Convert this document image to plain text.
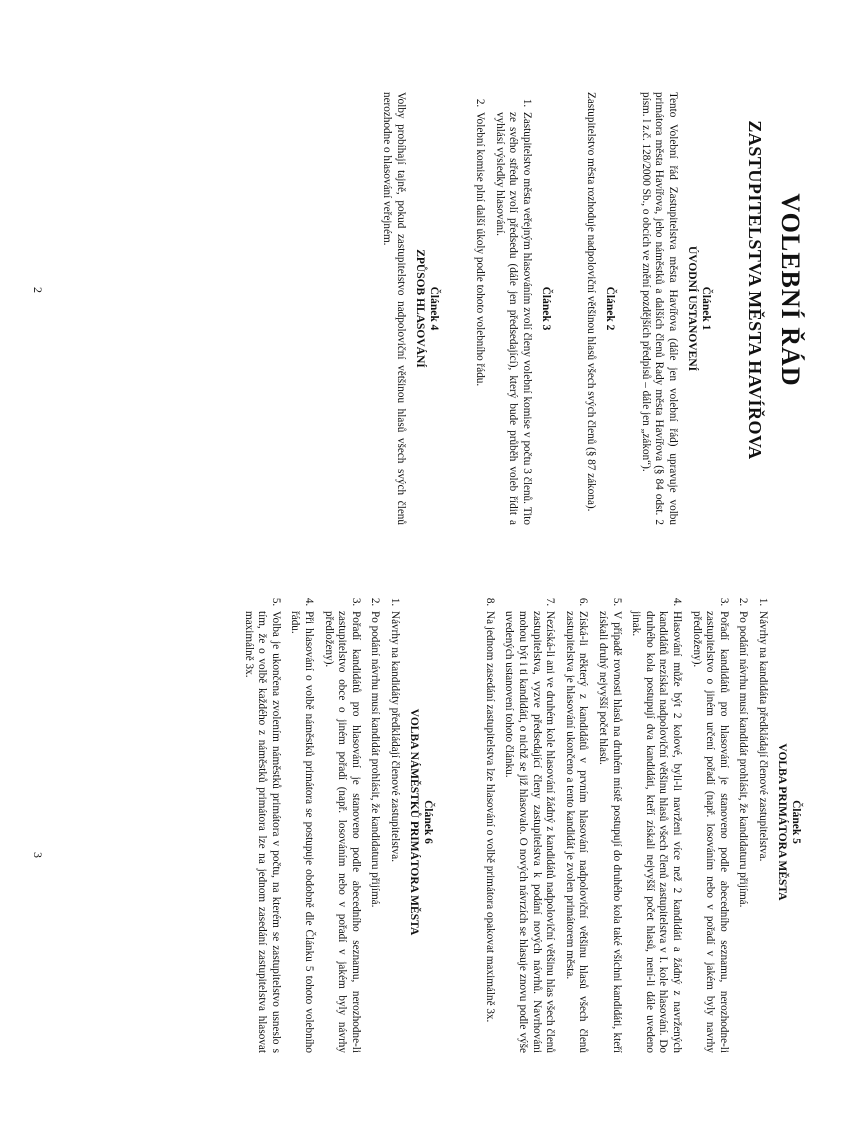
VOLEBNÍ ŘÁD
ZASTUPITELSTVA MĚSTA HAVÍŘOVA
Článek 1
ÚVODNÍ USTANOVENÍ

Tento Volební řád Zastupitelstva města Havířova (dále jen volební řád) upravuje volbu primátora města Havířova, jeho náměstků a dalších členů Rady města Havířova (§ 84 odst. 2 písm. l z.č. 128/2000 Sb., o obcích ve znění pozdějších předpisů – dále jen „zákon“).

Článek 2

Zastupitelstvo města rozhoduje nadpoloviční většinou hlasů všech svých členů (§ 87 zákona).

Článek 3
1. Zastupitelstvo města veřejným hlasováním zvolí členy volební komise v počtu 3 členů. Tito ze svého středu zvolí předsedu (dále jen předsedající), který bude průběh voleb řídit a vyhlásí výsledky hlasování.
2. Volební komise plní další úkoly podle tohoto volebního řádu.
Článek 4
ZPŮSOB HLASOVÁNÍ

Volby probíhají tajně, pokud zastupitelstvo nadpoloviční většinou hlasů všech svých členů nerozhodne o hlasování veřejném.

2
Článek 5
VOLBA PRIMÁTORA MĚSTA
1. Návrhy na kandidáta předkládají členové zastupitelstva.
2. Po podání návrhu musí kandidát prohlásit, že kandidaturu přijímá.
3. Pořadí kandidátů pro hlasování je stanoveno podle abecedního seznamu, nerozhodne-li zastupitelstvo o jiném určení pořadí (např. losováním nebo v pořadí v jakém byly navrhy předloženy).
4. Hlasování může být 2 kolové, byli-li navrženi více než 2 kandidáti a žádný z navržených kandidátů nezískal nadpoloviční většinu hlasů všech členů zastupitelstva v I. kole hlasování. Do druhého kola postupují dva kandidáti, kteří získali nejvyšší počet hlasů, není-li dále uvedeno jinak.
5. V případě rovnosti hlasů na druhém místě postupují do druhého kola také všichni kandidáti, kteří získali druhý nejvyšší počet hlasů.
6. Získá-li některý z kandidátů v prvním hlasování nadpoloviční většinu hlasů všech členů zastupitelstva je hlasování ukončeno a tento kandidát je zvolen primátorem města.
7. Nezíská-li ani ve druhém kole hlasování žádný z kandidátů nadpoloviční většinu hlas všech členů zastupitelstva, vyzve předsedající členy zastupitelstva k podání nových návrhů. Navrhováni mohou být i ti kandidáti, o nichž se již hlasovalo. O nových návrzích se hlasuje znovu podle výše uvedených ustanovení tohoto článku.
8. Na jednom zasedání zastupitelstva lze hlasování o volbě primátora opakovat maximálně 3x.
Článek 6
VOLBA NÁMĚSTKŮ PRIMÁTORA MĚSTA
1. Návrhy na kandidáty předkládají členové zastupitelstva.
2. Po podání návrhu musí kandidát prohlásit, že kandidaturu přijímá.
3. Pořadí kandidátů pro hlasování je stanoveno podle abecedního seznamu, nerozhodne-li zastupitelstvo obce o jiném pořadí (např. losováním nebo v pořadí v jakém byly návrhy předloženy).
4. Při hlasování o volbě náměstků primátora se postupuje obdobně dle Článku 5 tohoto volebního řádu.
5. Volba je ukončena zvolením náměstků primátora v počtu, na kterém se zastupitelstvo usneslo s tím, že o volbě každého z náměstků primátora lze na jednom zasedání zastupitelstva hlasovat maximálně 3x.
3
